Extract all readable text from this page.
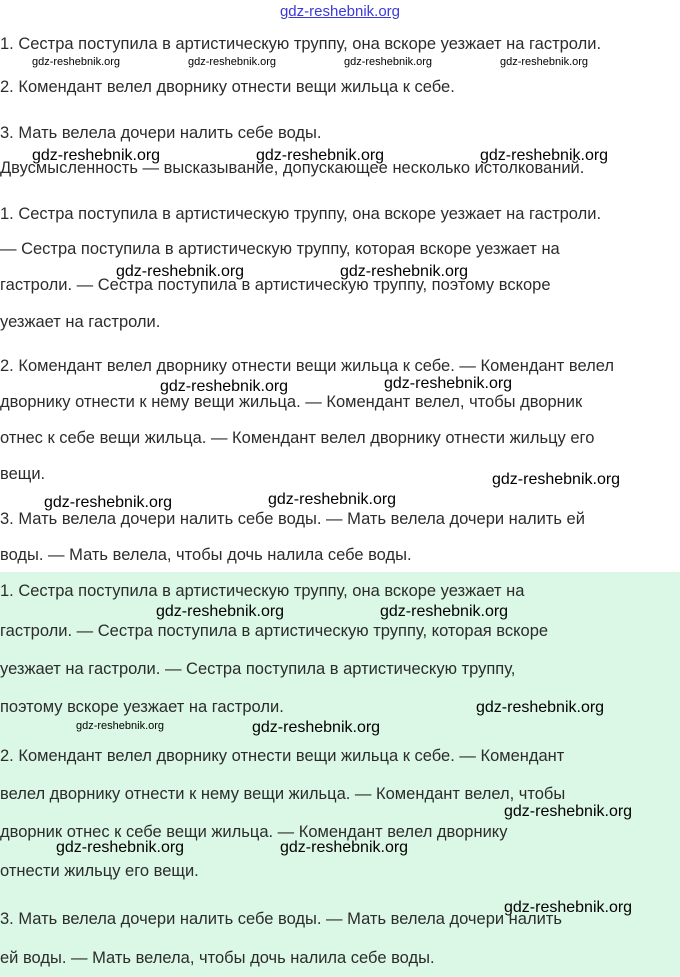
gdz-reshebnik.org
1. Сестра поступила в артистическую труппу, она вскоре уезжает на гастроли.
2. Комендант велел дворнику отнести вещи жильца к себе.
3. Мать велела дочери налить себе воды.
Двусмысленность — высказывание, допускающее несколько истолкований.
1. Сестра поступила в артистическую труппу, она вскоре уезжает на гастроли.
— Сестра поступила в артистическую труппу, которая вскоре уезжает на
гастроли. — Сестра поступила в артистическую труппу, поэтому вскоре
уезжает на гастроли.
2. Комендант велел дворнику отнести вещи жильца к себе. — Комендант велел
дворнику отнести к нему вещи жильца. — Комендант велел, чтобы дворник
отнес к себе вещи жильца. — Комендант велел дворнику отнести жильцу его
вещи.
3. Мать велела дочери налить себе воды. — Мать велела дочери налить ей
воды. — Мать велела, чтобы дочь налила себе воды.
1. Сестра поступила в артистическую труппу, она вскоре уезжает на
гастроли. — Сестра поступила в артистическую труппу, которая вскоре
уезжает на гастроли. — Сестра поступила в артистическую труппу,
поэтому вскоре уезжает на гастроли.
2. Комендант велел дворнику отнести вещи жильца к себе. — Комендант
велел дворнику отнести к нему вещи жильца. — Комендант велел, чтобы
дворник отнес к себе вещи жильца. — Комендант велел дворнику
отнести жильцу его вещи.
3. Мать велела дочери налить себе воды. — Мать велела дочери налить
ей воды. — Мать велела, чтобы дочь налила себе воды.
gdz-reshebnik.org	gdz-reshebnik.org	gdz-reshebnik.org	gdz-reshebnik.org
gdz-reshebnik.org	gdz-reshebnik.org	gdz-reshebnik.org
gdz-reshebnik.org	gdz-reshebnik.org
gdz-reshebnik.org	gdz-reshebnik.org
gdz-reshebnik.org
gdz-reshebnik.org	gdz-reshebnik.org
gdz-reshebnik.org	gdz-reshebnik.org
gdz-reshebnik.org
gdz-reshebnik.org	gdz-reshebnik.org
gdz-reshebnik.org
gdz-reshebnik.org	gdz-reshebnik.org
gdz-reshebnik.org
